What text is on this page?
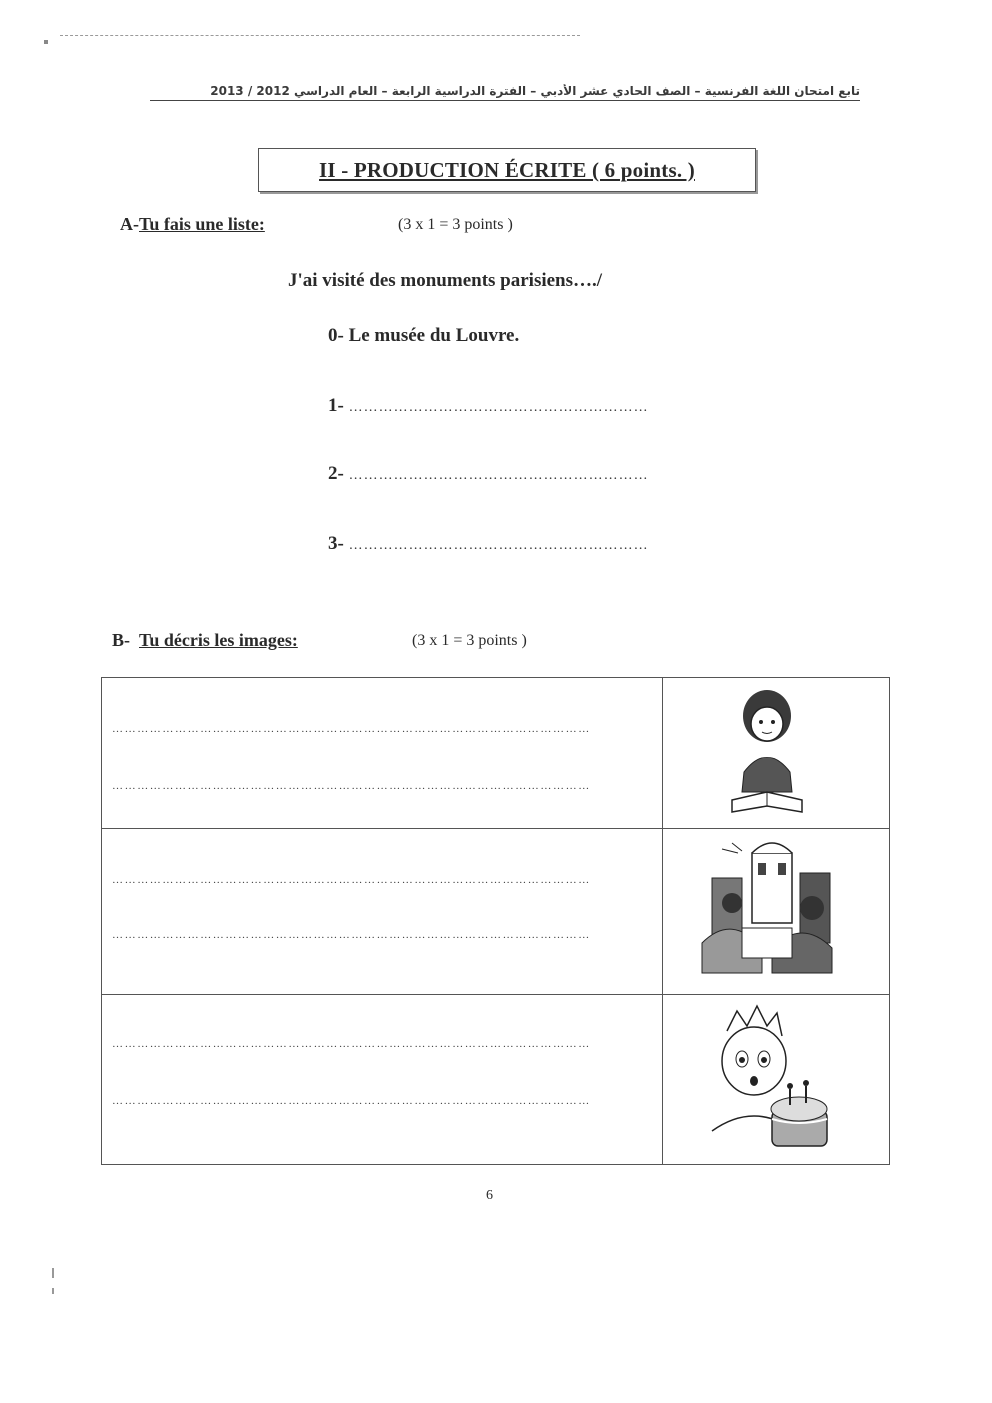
تابع امتحان اللغة الفرنسية – الصف الحادي عشر الأدبي – الفترة الدراسية الرابعة – العام الدراسي 2012 / 2013
II - PRODUCTION ÉCRITE ( 6 points. )
A-Tu fais une liste:	(3 x 1 = 3 points )
J'ai visité des monuments parisiens…./
0- Le musée du Louvre.
1- ……………………………………………………
2- ……………………………………………………
3- ……………………………………………………
B- Tu décris les images:	(3 x 1 = 3 points )
……………………………………………………………………………………………………
……………………………………………………………………………………………………
……………………………………………………………………………………………………
……………………………………………………………………………………………………
……………………………………………………………………………………………………
……………………………………………………………………………………………………
6
